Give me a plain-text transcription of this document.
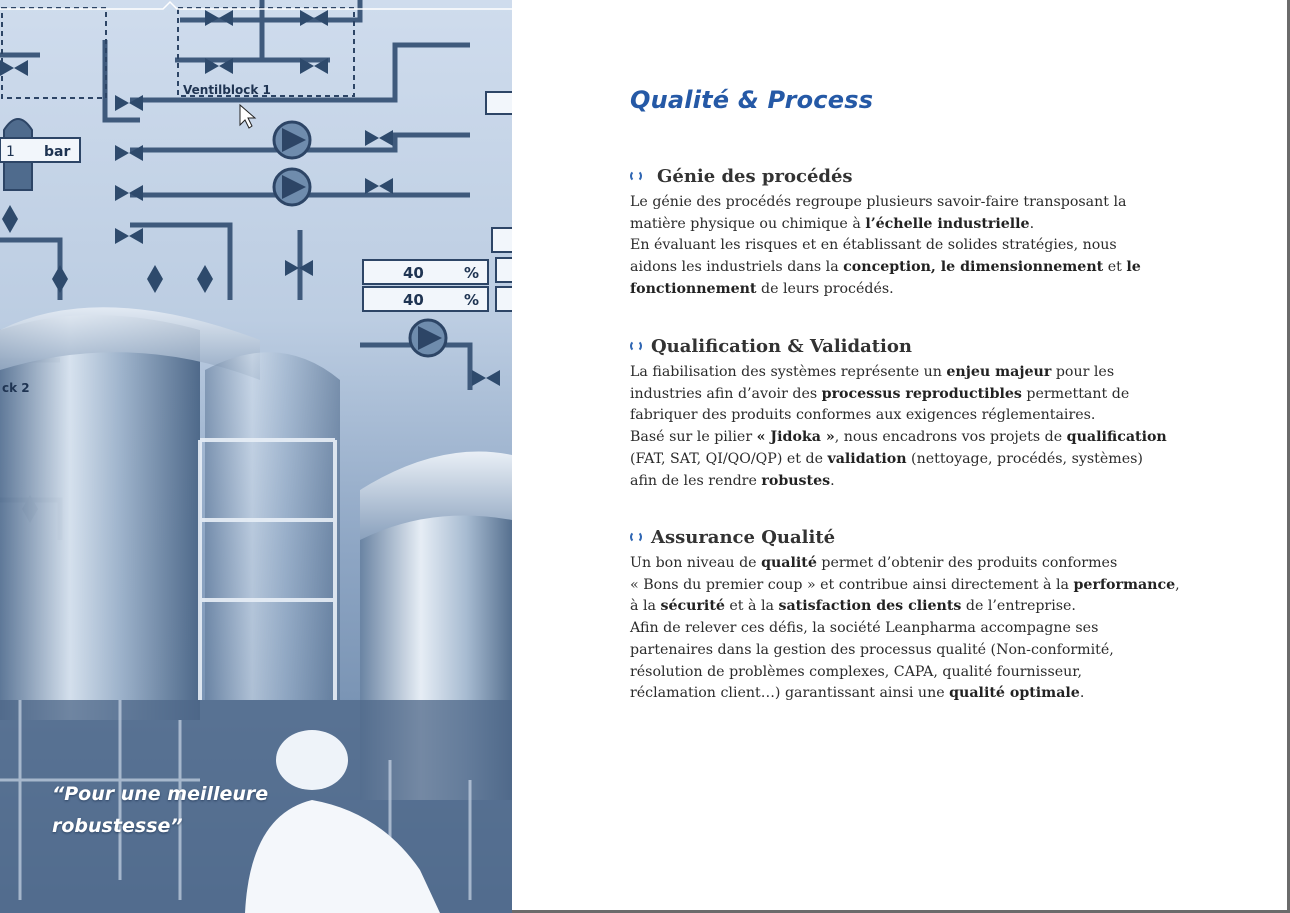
Ventilblock 1
1 bar
40	%
40	%
ck 2
“Pour une meilleure
robustesse”
Qualité & Process
Génie des procédés

Le génie des procédés regroupe plusieurs savoir-faire transposant la

matière physique ou chimique à l’échelle industrielle.

En évaluant les risques et en établissant de solides stratégies, nous

aidons les industriels dans la conception, le dimensionnement et le

fonctionnement de leurs procédés.

Qualification & Validation

La fiabilisation des systèmes représente un enjeu majeur pour les

industries afin d’avoir des processus reproductibles permettant de

fabriquer des produits conformes aux exigences réglementaires.

Basé sur le pilier « Jidoka », nous encadrons vos projets de qualification

(FAT, SAT, QI/QO/QP) et de validation (nettoyage, procédés, systèmes)

afin de les rendre robustes.

Assurance Qualité

Un bon niveau de qualité permet d’obtenir des produits conformes

« Bons du premier coup » et contribue ainsi directement à la performance,

à la sécurité et à la satisfaction des clients de l’entreprise.

Afin de relever ces défis, la société Leanpharma accompagne ses

partenaires dans la gestion des processus qualité (Non-conformité,

résolution de problèmes complexes, CAPA, qualité fournisseur,

réclamation client…) garantissant ainsi une qualité optimale.
